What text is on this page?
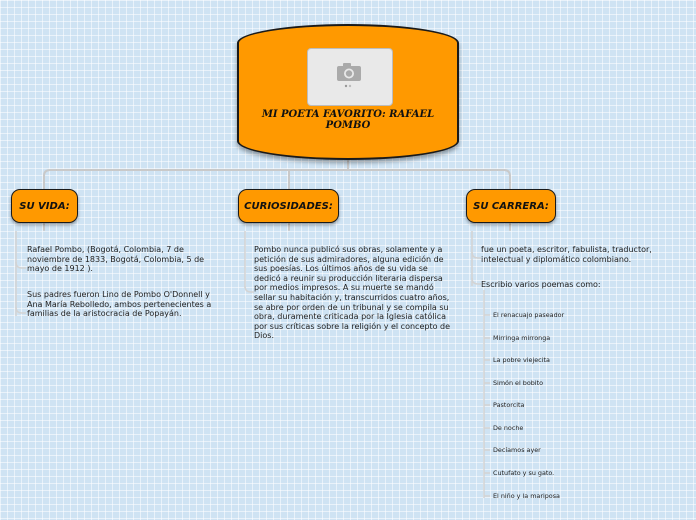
MI POETA FAVORITO: RAFAEL POMBO
SU VIDA:	CURIOSIDADES:	SU CARRERA:
Rafael Pombo, (Bogotá, Colombia, 7 de noviembre de 1833, Bogotá, Colombia, 5 de mayo de 1912 ).
Sus padres fueron Lino de Pombo O'Donnell y Ana María Rebolledo, ambos pertenecientes a familias de la aristocracia de Popayán.
Pombo nunca publicó sus obras, solamente y a petición de sus admiradores, alguna edición de sus poesías. Los últimos años de su vida se dedicó a reunir su producción literaria dispersa por medios impresos. A su muerte se mandó sellar su habitación y, transcurridos cuatro años, se abre por orden de un tribunal y se compila su obra, duramente criticada por la Iglesia católica por sus críticas sobre la religión y el concepto de Dios.
fue un poeta, escritor, fabulista, traductor, intelectual y diplomático colombiano.
Escribio varios poemas como:
El renacuajo paseador
Mirringa mirronga
La pobre viejecita
Simón el bobito
Pastorcita
De noche
Decíamos ayer
Cutufato y su gato.
El niño y la mariposa
